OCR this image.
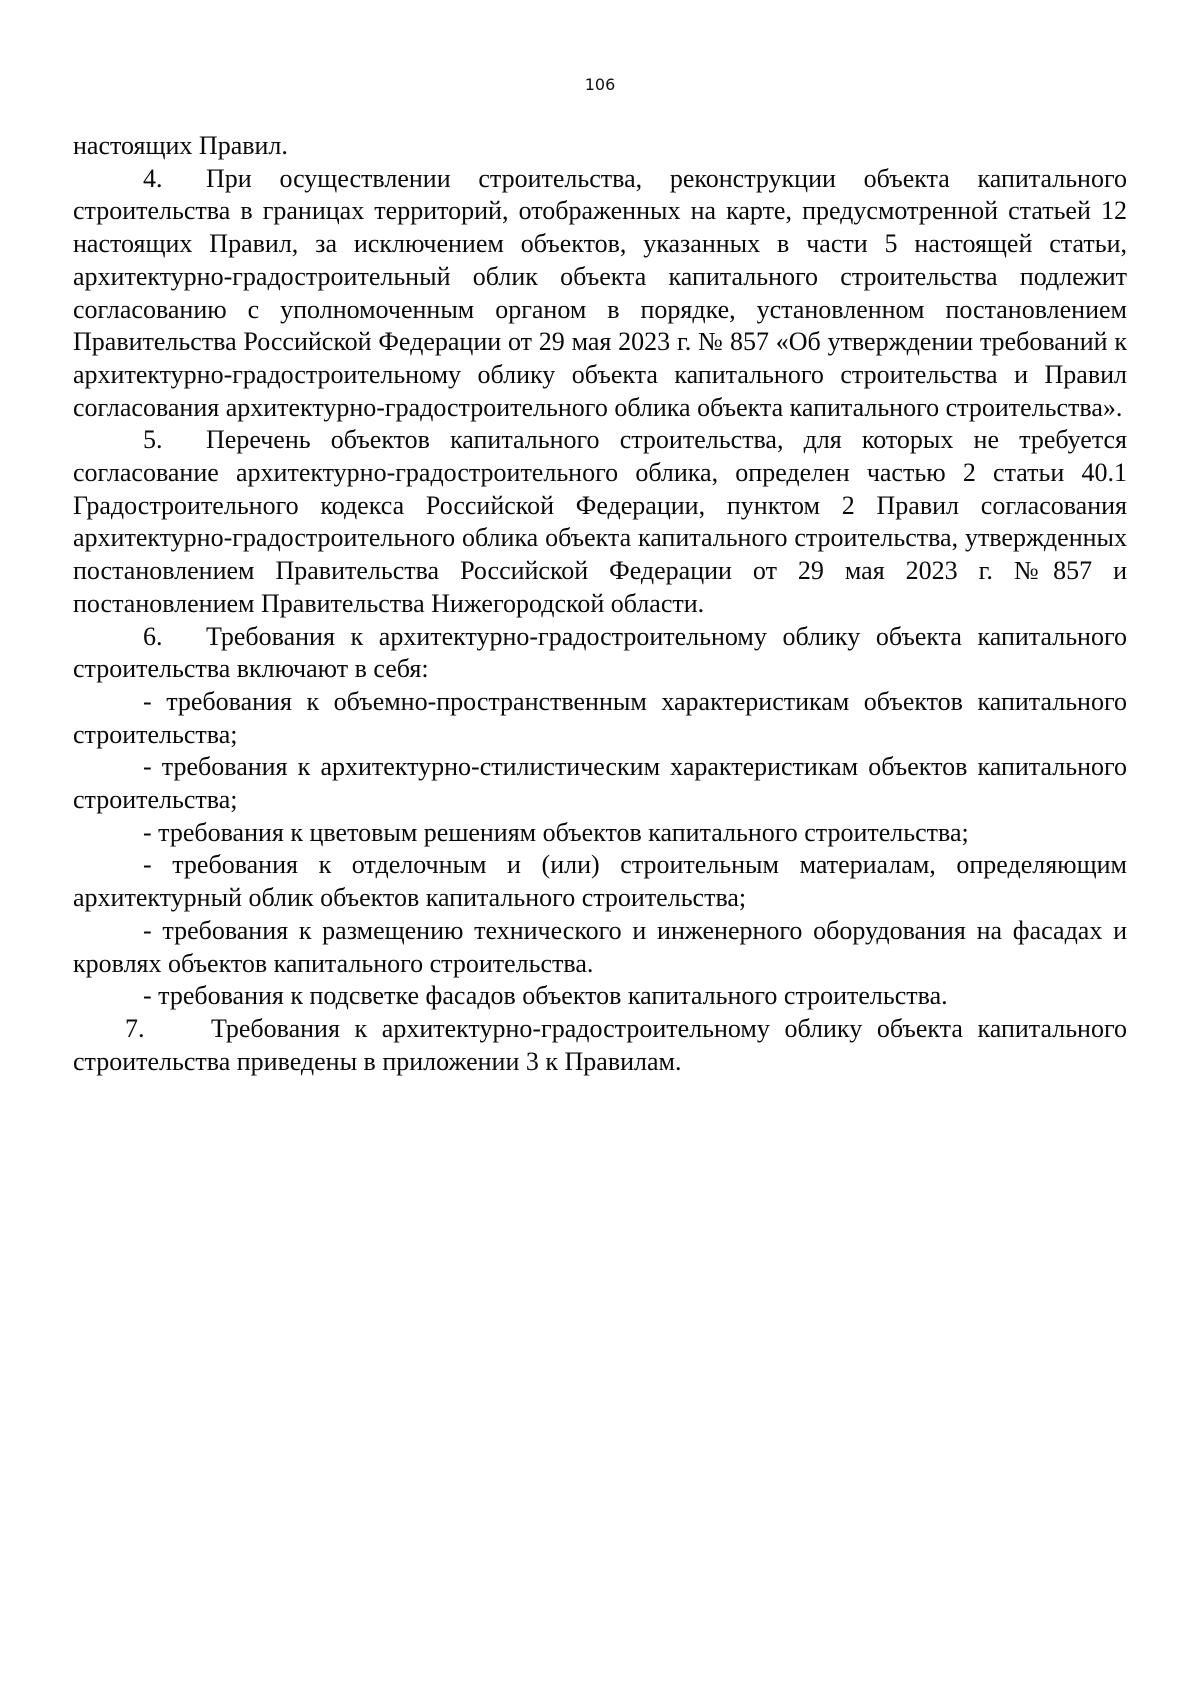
106

настоящих Правил.

4. При осуществлении строительства, реконструкции объекта капитального строительства в границах территорий, отображенных на карте, предусмотренной статьей 12 настоящих Правил, за исключением объектов, указанных в части 5 настоящей статьи, архитектурно-градостроительный облик объекта капитального строительства подлежит согласованию с уполномоченным органом в порядке, установленном постановлением Правительства Российской Федерации от 29 мая 2023 г. № 857 «Об утверждении требований к архитектурно-градостроительному облику объекта капитального строительства и Правил согласования архитектурно-градостроительного облика объекта капитального строительства».

5. Перечень объектов капитального строительства, для которых не требуется согласование архитектурно-градостроительного облика, определен частью 2 статьи 40.1 Градостроительного кодекса Российской Федерации, пунктом 2 Правил согласования архитектурно-градостроительного облика объекта капитального строительства, утвержденных постановлением Правительства Российской Федерации от 29 мая 2023 г. №857 и постановлением Правительства Нижегородской области.

6. Требования к архитектурно-градостроительному облику объекта капитального строительства включают в себя:

- требования к объемно-пространственным характеристикам объектов капитального строительства;

- требования к архитектурно-стилистическим характеристикам объектов капитального строительства;

- требования к цветовым решениям объектов капитального строительства;

- требования к отделочным и (или) строительным материалам, определяющим архитектурный облик объектов капитального строительства;

- требования к размещению технического и инженерного оборудования на фасадах и кровлях объектов капитального строительства.

- требования к подсветке фасадов объектов капитального строительства.

7.	Требования к архитектурно-градостроительному облику объекта капитального строительства приведены в приложении 3 к Правилам.
